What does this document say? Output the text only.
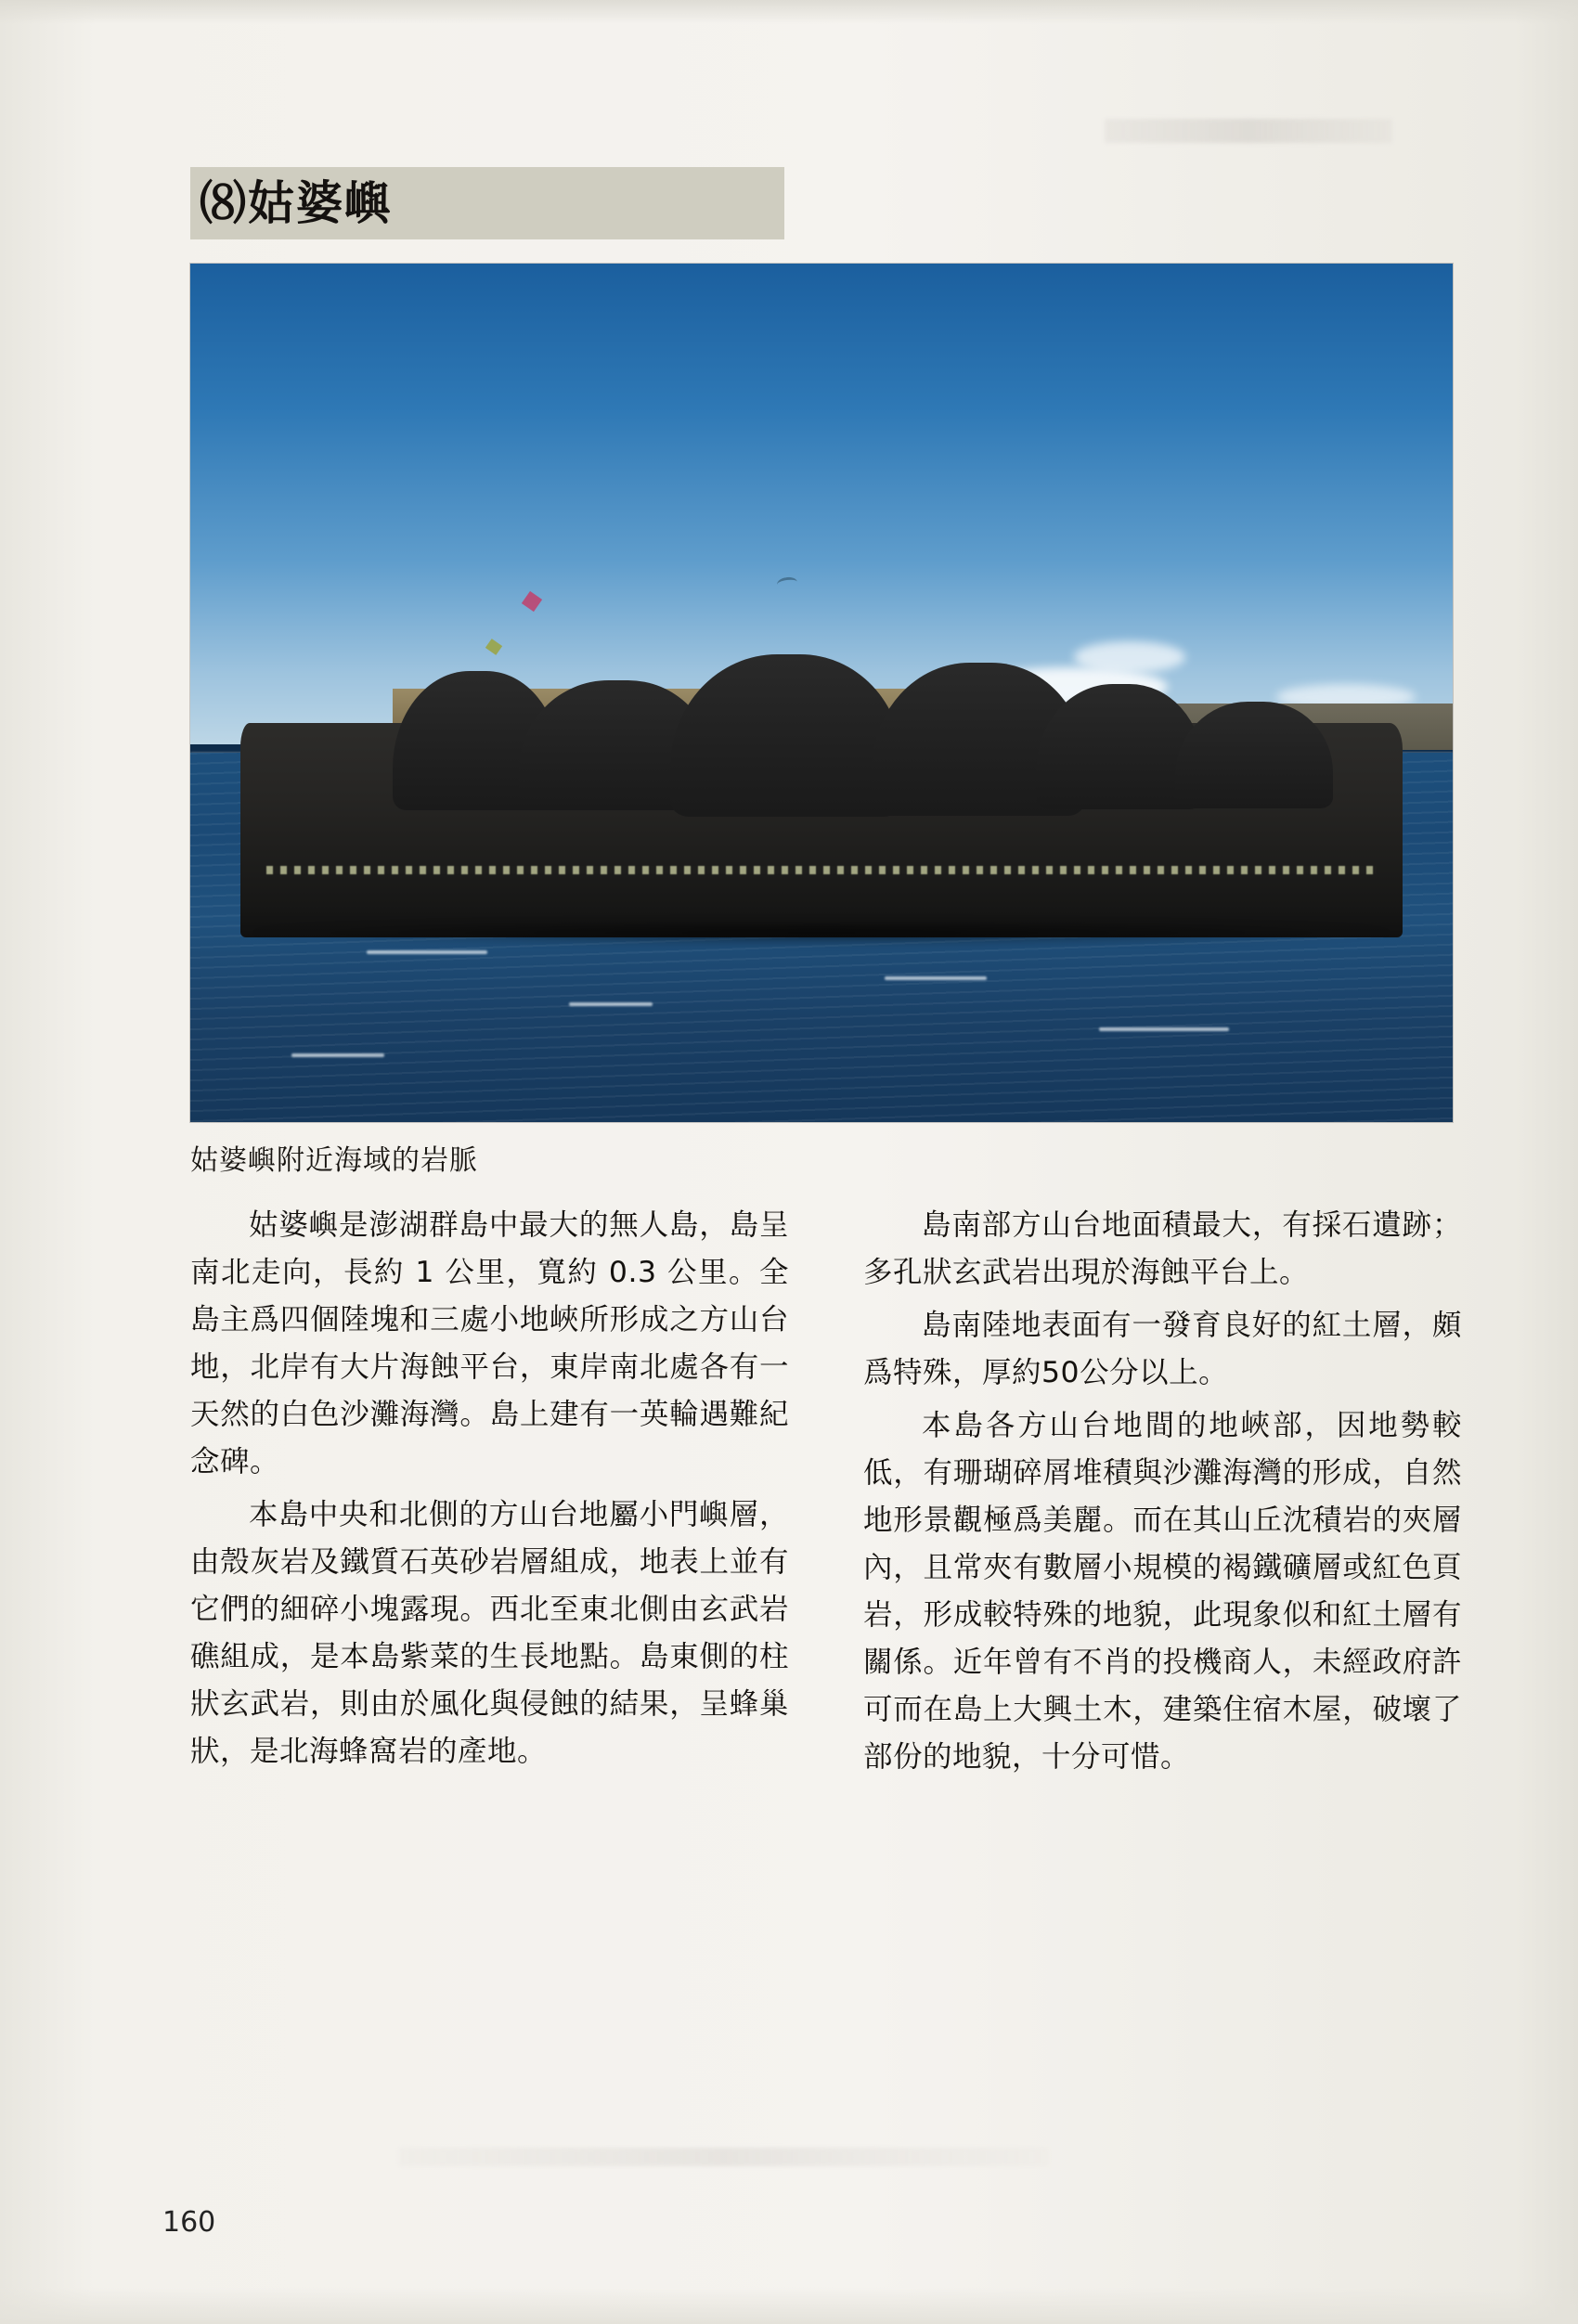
⑻姑婆嶼
姑婆嶼附近海域的岩脈

姑婆嶼是澎湖群島中最大的無人島，島呈南北走向，長約 1 公里，寬約 0.3 公里。全島主爲四個陸塊和三處小地峽所形成之方山台地，北岸有大片海蝕平台，東岸南北處各有一天然的白色沙灘海灣。島上建有一英輪遇難紀念碑。

本島中央和北側的方山台地屬小門嶼層，由殼灰岩及鐵質石英砂岩層組成，地表上並有它們的細碎小塊露現。西北至東北側由玄武岩礁組成，是本島紫菜的生長地點。島東側的柱狀玄武岩，則由於風化與侵蝕的結果，呈蜂巢狀，是北海蜂窩岩的產地。

島南部方山台地面積最大，有採石遺跡；多孔狀玄武岩出現於海蝕平台上。

島南陸地表面有一發育良好的紅土層，頗爲特殊，厚約50公分以上。

本島各方山台地間的地峽部，因地勢較低，有珊瑚碎屑堆積與沙灘海灣的形成，自然地形景觀極爲美麗。而在其山丘沈積岩的夾層內，且常夾有數層小規模的褐鐵礦層或紅色頁岩，形成較特殊的地貌，此現象似和紅土層有關係。近年曾有不肖的投機商人，未經政府許可而在島上大興土木，建築住宿木屋，破壞了部份的地貌，十分可惜。

160
